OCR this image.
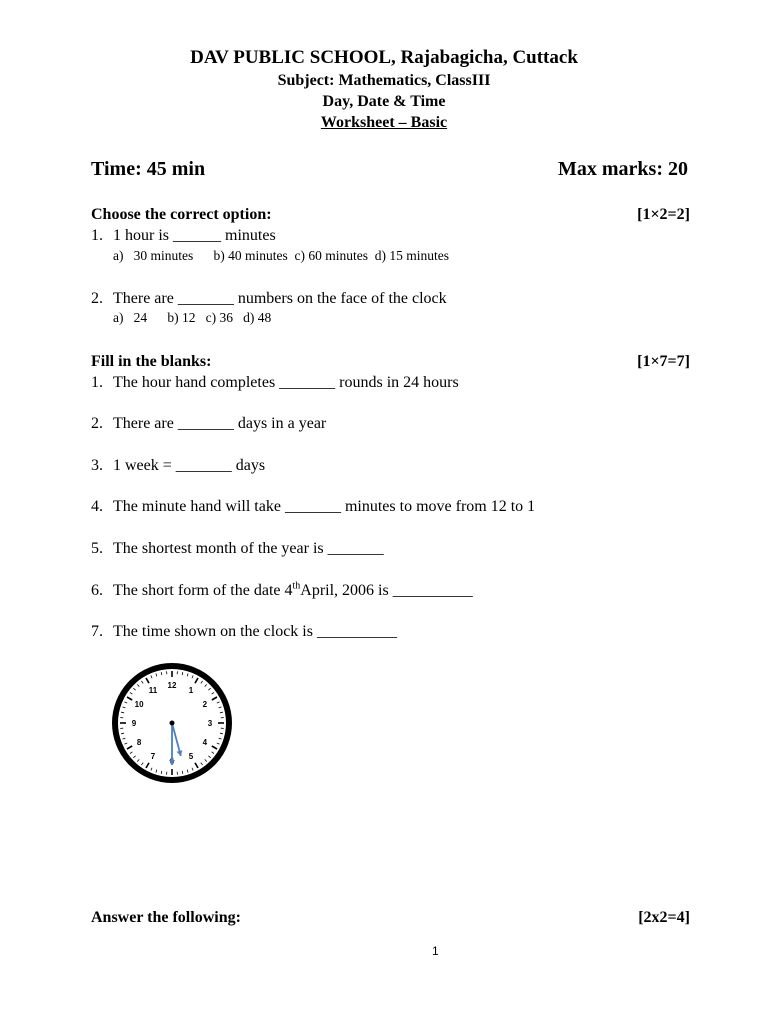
DAV PUBLIC SCHOOL, Rajabagicha, Cuttack
Subject: Mathematics, ClassIII
Day, Date & Time
Worksheet – Basic
Time: 45 min	Max marks: 20
Choose the correct option:	[1×2=2]
1. 1 hour is ______ minutes
a)   30 minutes      b) 40 minutes  c) 60 minutes  d) 15 minutes
2. There are _______ numbers on the face of the clock
a)   24      b) 12   c) 36   d) 48
Fill in the blanks:	[1×7=7]
1. The hour hand completes _______ rounds in 24 hours
2. There are _______ days in a year
3. 1 week = _______ days
4. The minute hand will take _______ minutes to move from 12 to 1
5. The shortest month of the year is _______
6. The short form of the date 4thApril, 2006 is __________
7. The time shown on the clock is __________
12
1
2
3
4
5
7
8
9
10
11
Answer the following:	[2x2=4]
1
